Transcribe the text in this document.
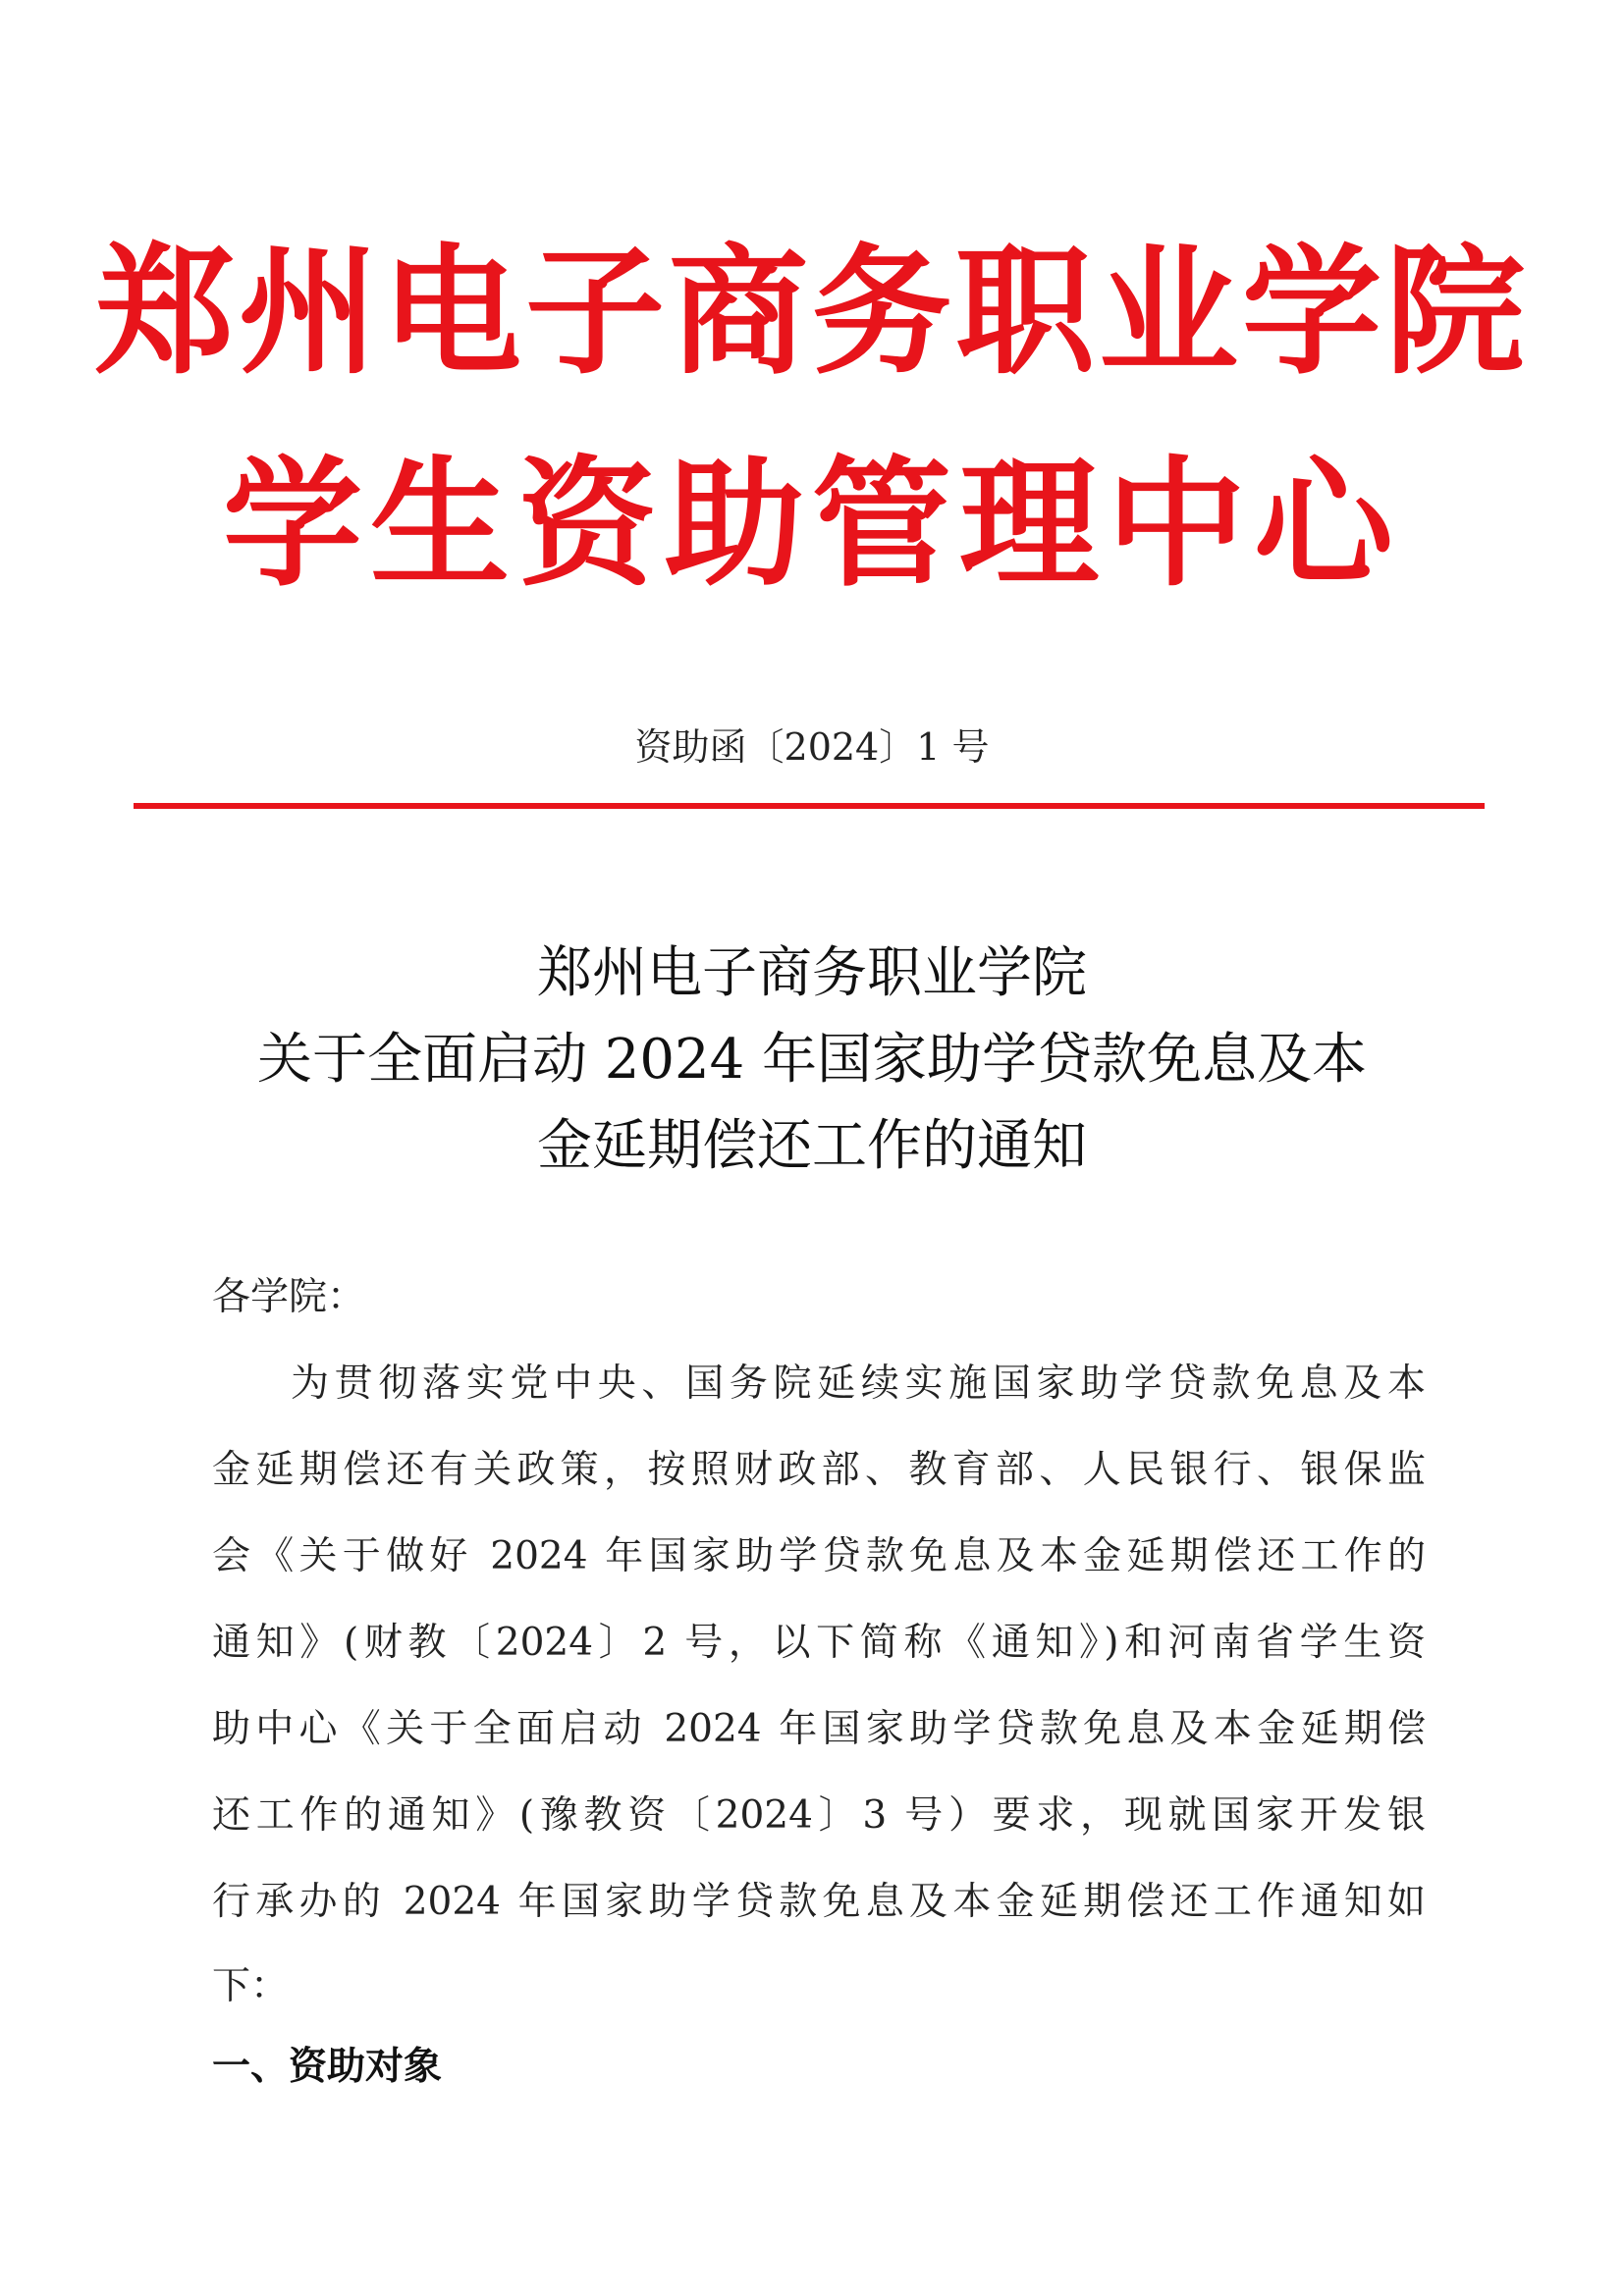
郑州电子商务职业学院
学生资助管理中心
资助函〔2024〕1 号
郑州电子商务职业学院
关于全面启动 2024 年国家助学贷款免息及本
金延期偿还工作的通知
各学院：
为贯彻落实党中央、国务院延续实施国家助学贷款免息及本
金延期偿还有关政策，按照财政部、教育部、人民银行、银保监
会《关于做好 2024 年国家助学贷款免息及本金延期偿还工作的
通知》(财教〔2024〕2 号，以下简称《通知》)和河南省学生资
助中心《关于全面启动 2024 年国家助学贷款免息及本金延期偿
还工作的通知》(豫教资〔2024〕3 号）要求，现就国家开发银
行承办的 2024 年国家助学贷款免息及本金延期偿还工作通知如
下：
一、资助对象
